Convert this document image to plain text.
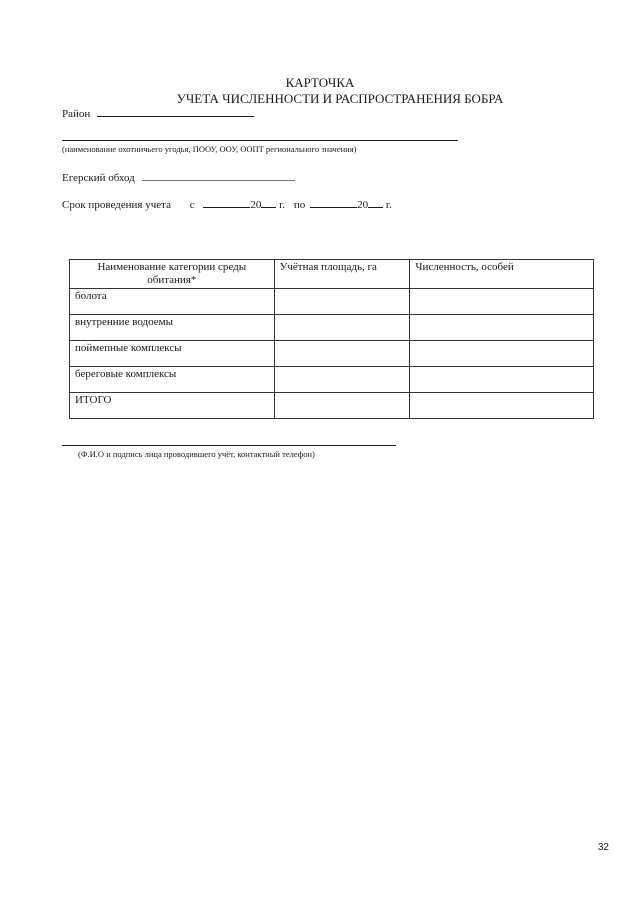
КАРТОЧКА
УЧЕТА ЧИСЛЕННОСТИ И РАСПРОСТРАНЕНИЯ БОБРА
Район
(наименование охотничьего угодья, ПООУ, ООУ, ООПТ регионального значения)
Егерский обход
Срок проведения учета с	20 г. по	20 г.
Наименование категории среды обитания*	Учётная площадь, га	Численность, особей
болота		
внутренние водоемы		
поймепные комплексы		
береговые комплексы		
ИТОГО		
(Ф.И.О и подпись лица проводившего учёт, контактный телефон)
32
